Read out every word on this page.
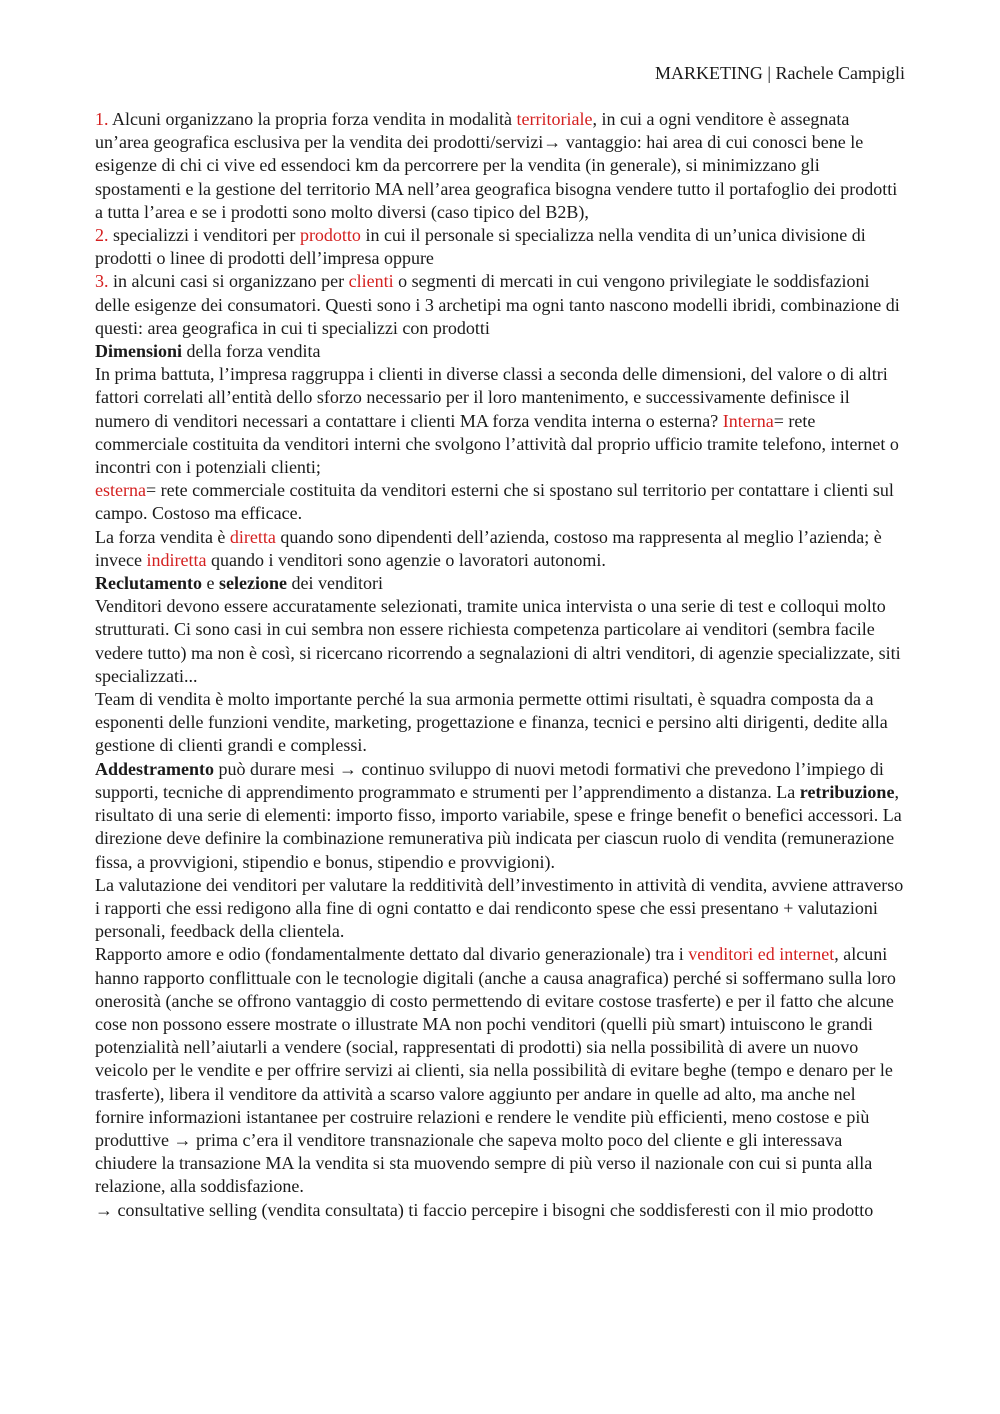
MARKETING | Rachele Campigli

1. Alcuni organizzano la propria forza vendita in modalità territoriale, in cui a ogni venditore è assegnata un’area geografica esclusiva per la vendita dei prodotti/servizi→ vantaggio: hai area di cui conosci bene le esigenze di chi ci vive ed essendoci km da percorrere per la vendita (in generale), si minimizzano gli spostamenti e la gestione del territorio MA nell’area geografica bisogna vendere tutto il portafoglio dei prodotti a tutta l’area e se i prodotti sono molto diversi (caso tipico del B2B),

2. specializzi i venditori per prodotto in cui il personale si specializza nella vendita di un’unica divisione di prodotti o linee di prodotti dell’impresa oppure

3. in alcuni casi si organizzano per clienti o segmenti di mercati in cui vengono privilegiate le soddisfazioni delle esigenze dei consumatori. Questi sono i 3 archetipi ma ogni tanto nascono modelli ibridi, combinazione di questi: area geografica in cui ti specializzi con prodotti

Dimensioni della forza vendita

In prima battuta, l’impresa raggruppa i clienti in diverse classi a seconda delle dimensioni, del valore o di altri fattori correlati all’entità dello sforzo necessario per il loro mantenimento, e successivamente definisce il numero di venditori necessari a contattare i clienti MA forza vendita interna o esterna? Interna= rete commerciale costituita da venditori interni che svolgono l’attività dal proprio ufficio tramite telefono, internet o incontri con i potenziali clienti;

esterna= rete commerciale costituita da venditori esterni che si spostano sul territorio per contattare i clienti sul campo. Costoso ma efficace.

La forza vendita è diretta quando sono dipendenti dell’azienda, costoso ma rappresenta al meglio l’azienda; è invece indiretta quando i venditori sono agenzie o lavoratori autonomi.

Reclutamento e selezione dei venditori

Venditori devono essere accuratamente selezionati, tramite unica intervista o una serie di test e colloqui molto strutturati. Ci sono casi in cui sembra non essere richiesta competenza particolare ai venditori (sembra facile vedere tutto) ma non è così, si ricercano ricorrendo a segnalazioni di altri venditori, di agenzie specializzate, siti specializzati...

Team di vendita è molto importante perché la sua armonia permette ottimi risultati, è squadra composta da a esponenti delle funzioni vendite, marketing, progettazione e finanza, tecnici e persino alti dirigenti, dedite alla gestione di clienti grandi e complessi.

Addestramento può durare mesi → continuo sviluppo di nuovi metodi formativi che prevedono l’impiego di supporti, tecniche di apprendimento programmato e strumenti per l’apprendimento a distanza. La retribuzione, risultato di una serie di elementi: importo fisso, importo variabile, spese e fringe benefit o benefici accessori. La direzione deve definire la combinazione remunerativa più indicata per ciascun ruolo di vendita (remunerazione fissa, a provvigioni, stipendio e bonus, stipendio e provvigioni).

La valutazione dei venditori per valutare la redditività dell’investimento in attività di vendita, avviene attraverso i rapporti che essi redigono alla fine di ogni contatto e dai rendiconto spese che essi presentano + valutazioni personali, feedback della clientela.

Rapporto amore e odio (fondamentalmente dettato dal divario generazionale) tra i venditori ed internet, alcuni hanno rapporto conflittuale con le tecnologie digitali (anche a causa anagrafica) perché si soffermano sulla loro onerosità (anche se offrono vantaggio di costo permettendo di evitare costose trasferte) e per il fatto che alcune cose non possono essere mostrate o illustrate MA non pochi venditori (quelli più smart) intuiscono le grandi potenzialità nell’aiutarli a vendere (social, rappresentati di prodotti) sia nella possibilità di avere un nuovo veicolo per le vendite e per offrire servizi ai clienti, sia nella possibilità di evitare beghe (tempo e denaro per le trasferte), libera il venditore da attività a scarso valore aggiunto per andare in quelle ad alto, ma anche nel fornire informazioni istantanee per costruire relazioni e rendere le vendite più efficienti, meno costose e più produttive → prima c’era il venditore transnazionale che sapeva molto poco del cliente e gli interessava chiudere la transazione MA la vendita si sta muovendo sempre di più verso il nazionale con cui si punta alla relazione, alla soddisfazione.

→ consultative selling (vendita consultata) ti faccio percepire i bisogni che soddisferesti con il mio prodotto
